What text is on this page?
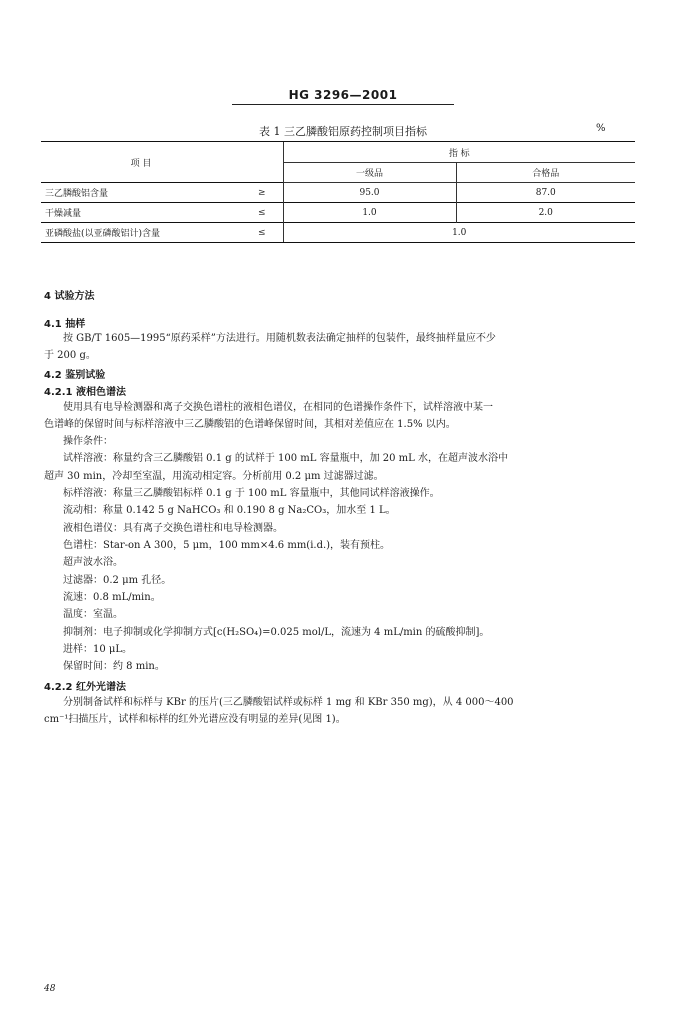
HG 3296—2001
表 1 三乙膦酸铝原药控制项目指标	%
项 目		指 标	
		一级品	合格品
三乙膦酸铝含量	≥	95.0	87.0
干燥减量	≤	1.0	2.0
亚磷酸盐(以亚磷酸铝计)含量	≤	1.0	
4 试验方法
4.1 抽样
按 GB/T 1605—1995“原药采样”方法进行。用随机数表法确定抽样的包装件，最终抽样量应不少
于 200 g。
4.2 鉴别试验
4.2.1 液相色谱法
使用具有电导检测器和离子交换色谱柱的液相色谱仪，在相同的色谱操作条件下，试样溶液中某一
色谱峰的保留时间与标样溶液中三乙膦酸铝的色谱峰保留时间，其相对差值应在 1.5% 以内。
操作条件：
试样溶液：称量约含三乙膦酸铝 0.1 g 的试样于 100 mL 容量瓶中，加 20 mL 水，在超声波水浴中
超声 30 min，冷却至室温，用流动相定容。分析前用 0.2 μm 过滤器过滤。
标样溶液：称量三乙膦酸铝标样 0.1 g 于 100 mL 容量瓶中，其他同试样溶液操作。
流动相：称量 0.142 5 g NaHCO₃ 和 0.190 8 g Na₂CO₃，加水至 1 L。
液相色谱仪：具有离子交换色谱柱和电导检测器。
色谱柱：Star-on A 300，5 μm，100 mm×4.6 mm(i.d.)，装有预柱。
超声波水浴。
过滤器：0.2 μm 孔径。
流速：0.8 mL/min。
温度：室温。
抑制剂：电子抑制或化学抑制方式[c(H₂SO₄)=0.025 mol/L，流速为 4 mL/min 的硫酸抑制]。
进样：10 μL。
保留时间：约 8 min。
4.2.2 红外光谱法
分别制备试样和标样与 KBr 的压片(三乙膦酸铝试样或标样 1 mg 和 KBr 350 mg)，从 4 000～400
cm⁻¹扫描压片，试样和标样的红外光谱应没有明显的差异(见图 1)。
48
